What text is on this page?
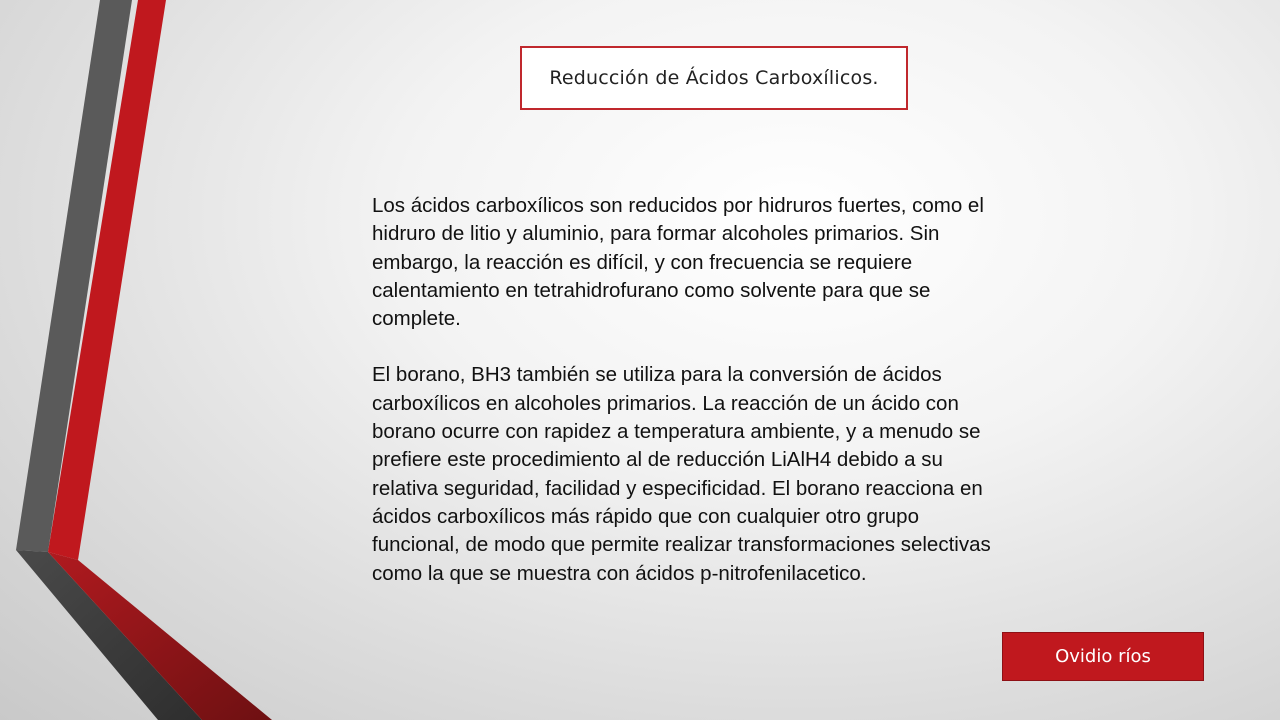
Reducción de Ácidos Carboxílicos.

Los ácidos carboxílicos son reducidos por hidruros fuertes, como el hidruro de litio y aluminio, para formar alcoholes primarios. Sin embargo, la reacción es difícil, y con frecuencia se requiere calentamiento en tetrahidrofurano como solvente para que se complete.

El borano, BH3 también se utiliza para la conversión de ácidos carboxílicos en alcoholes primarios. La reacción de un ácido con borano ocurre con rapidez a temperatura ambiente, y a menudo se prefiere este procedimiento al de reducción LiAlH4 debido a su relativa seguridad, facilidad y especificidad. El borano reacciona en ácidos carboxílicos más rápido que con cualquier otro grupo funcional, de modo que permite realizar transformaciones selectivas como la que se muestra con ácidos p-nitrofenilacetico.

Ovidio ríos
